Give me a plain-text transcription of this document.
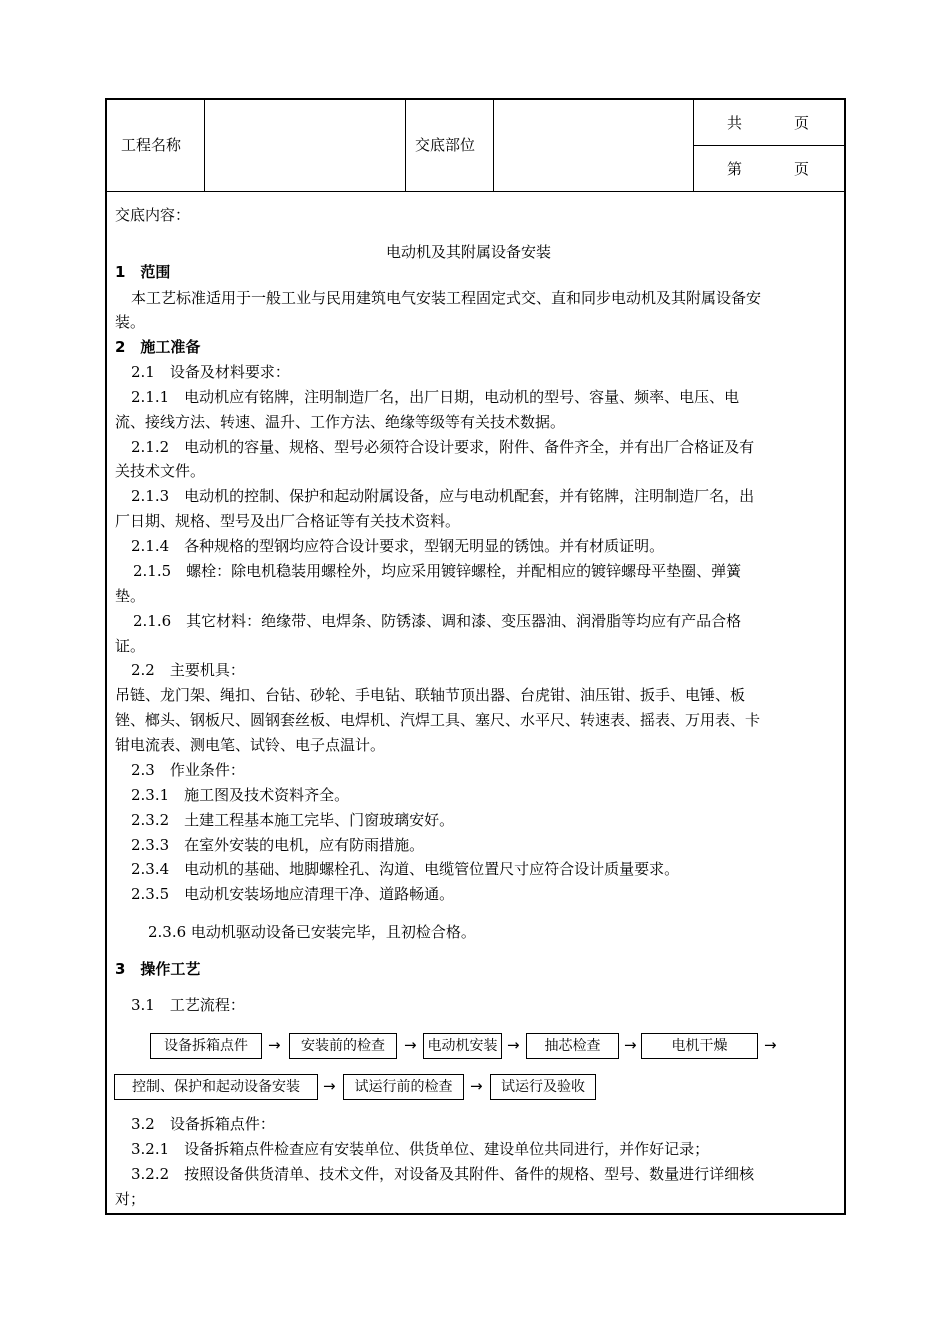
工程名称	交底部位
共	页
第	页
交底内容：
电动机及其附属设备安装
1　范围
本工艺标准适用于一般工业与民用建筑电气安装工程固定式交、直和同步电动机及其附属设备安
装。
2　施工准备
2.1　设备及材料要求：
2.1.1　电动机应有铭牌，注明制造厂名，出厂日期，电动机的型号、容量、频率、电压、电
流、接线方法、转速、温升、工作方法、绝缘等级等有关技术数据。
2.1.2　电动机的容量、规格、型号必须符合设计要求，附件、备件齐全，并有出厂合格证及有
关技术文件。
2.1.3　电动机的控制、保护和起动附属设备，应与电动机配套，并有铭牌，注明制造厂名，出
厂日期、规格、型号及出厂合格证等有关技术资料。
2.1.4　各种规格的型钢均应符合设计要求，型钢无明显的锈蚀。并有材质证明。
2.1.5　螺栓：除电机稳装用螺栓外，均应采用镀锌螺栓，并配相应的镀锌螺母平垫圈、弹簧
垫。
2.1.6　其它材料：绝缘带、电焊条、防锈漆、调和漆、变压器油、润滑脂等均应有产品合格
证。
2.2　主要机具：
吊链、龙门架、绳扣、台钻、砂轮、手电钻、联轴节顶出器、台虎钳、油压钳、扳手、电锤、板
锉、榔头、钢板尺、圆钢套丝板、电焊机、汽焊工具、塞尺、水平尺、转速表、摇表、万用表、卡
钳电流表、测电笔、试铃、电子点温计。
2.3　作业条件：
2.3.1　施工图及技术资料齐全。
2.3.2　土建工程基本施工完毕、门窗玻璃安好。
2.3.3　在室外安装的电机，应有防雨措施。
2.3.4　电动机的基础、地脚螺栓孔、沟道、电缆管位置尺寸应符合设计质量要求。
2.3.5　电动机安装场地应清理干净、道路畅通。
2.3.6 电动机驱动设备已安装完毕，且初检合格。
3　操作工艺
3.1　工艺流程：
设备拆箱点件	→	安装前的检查	→ 电动机安装 →	抽芯检查	→	电机干燥	→
控制、保护和起动设备安装	→	试运行前的检查	→	试运行及验收
3.2　设备拆箱点件：
3.2.1　设备拆箱点件检查应有安装单位、供货单位、建设单位共同进行，并作好记录；
3.2.2　按照设备供货清单、技术文件，对设备及其附件、备件的规格、型号、数量进行详细核
对；
